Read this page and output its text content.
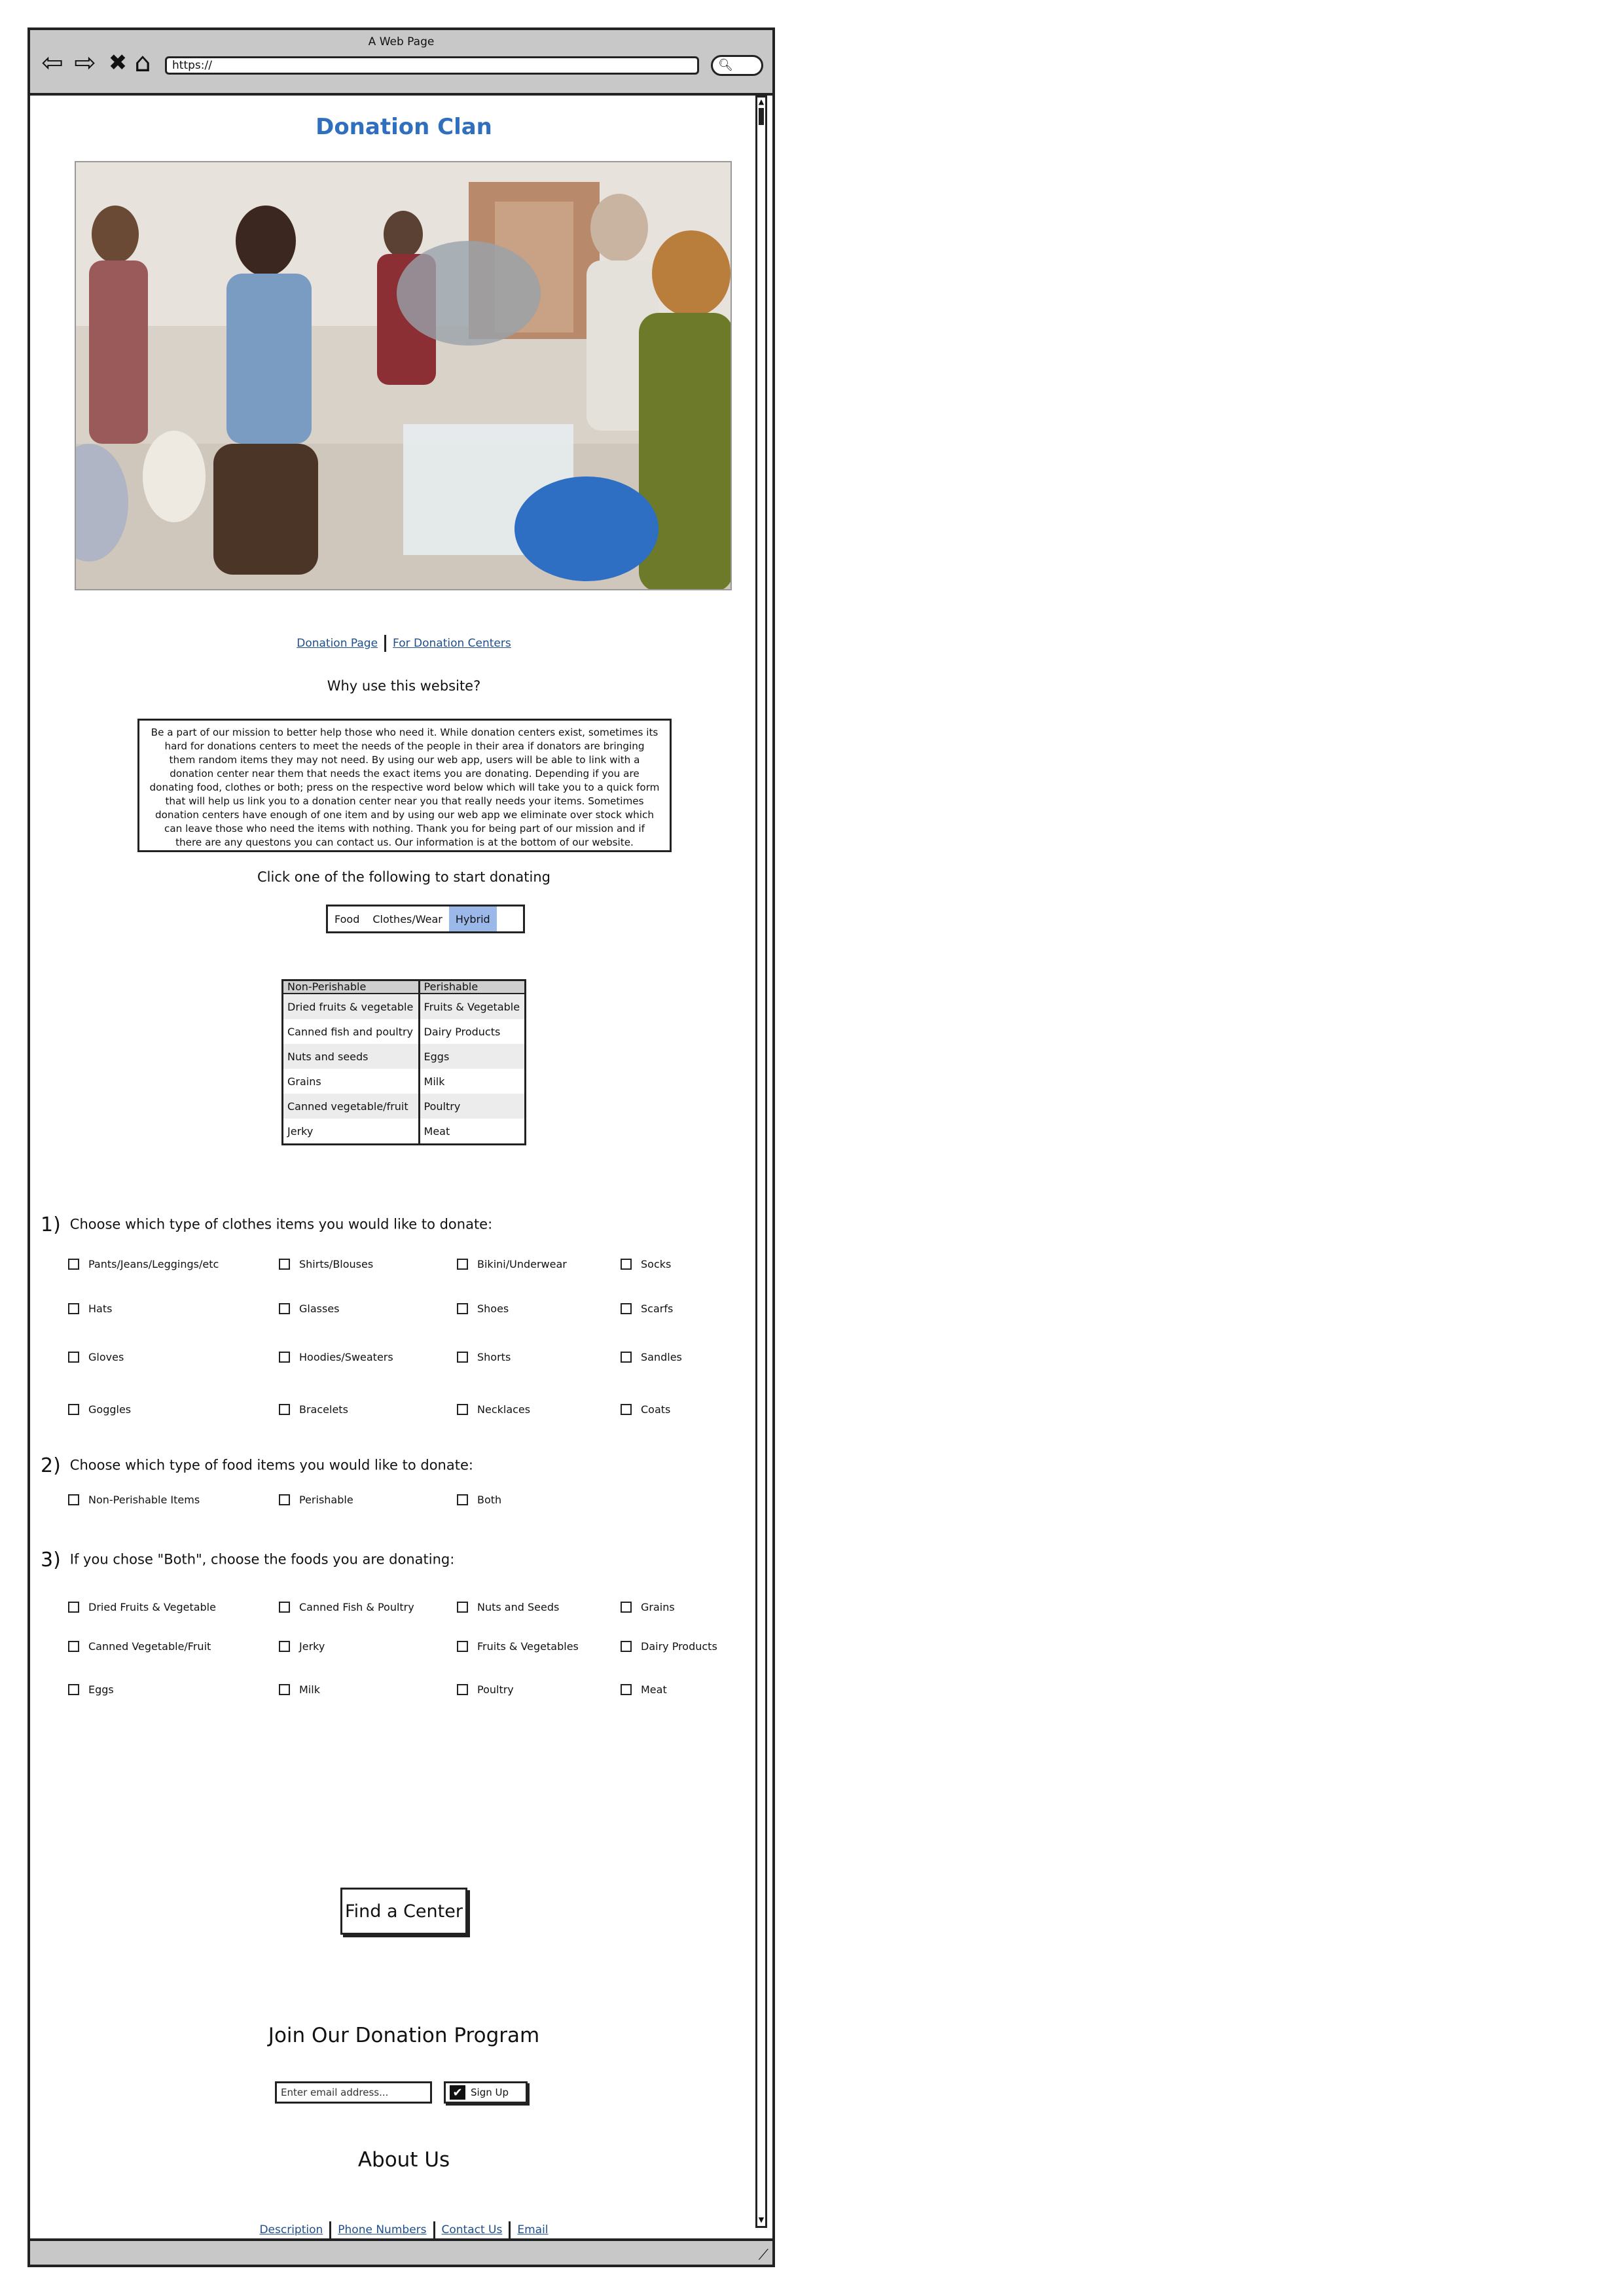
A Web Page
⇦ ⇨ ✖ ⌂	https://	🔍︎
▲
▼
Donation Clan
Donation Page For Donation Centers
Why use this website?
Be a part of our mission to better help those who need it. While donation centers exist, sometimes its
hard for donations centers to meet the needs of the people in their area if donators are bringing
them random items they may not need. By using our web app, users will be able to link with a
donation center near them that needs the exact items you are donating. Depending if you are
donating food, clothes or both; press on the respective word below which will take you to a quick form
that will help us link you to a donation center near you that really needs your items. Sometimes
donation centers have enough of one item and by using our web app we eliminate over stock which
can leave those who need the items with nothing. Thank you for being part of our mission and if
there are any questons you can contact us. Our information is at the bottom of our website.
Click one of the following to start donating
Food	Clothes/Wear	Hybrid
Non-Perishable	Perishable
Dried fruits & vegetable	Fruits & Vegetable
Canned fish and poultry	Dairy Products
Nuts and seeds	Eggs
Grains	Milk
Canned vegetable/fruit	Poultry
Jerky	Meat
1) Choose which type of clothes items you would like to donate:
Pants/Jeans/Leggings/etc	Shirts/Blouses	Bikini/Underwear	Socks
Hats	Glasses	Shoes	Scarfs
Gloves	Hoodies/Sweaters	Shorts	Sandles
Goggles	Bracelets	Necklaces	Coats
2) Choose which type of food items you would like to donate:
Non-Perishable Items	Perishable	Both
3) If you chose "Both", choose the foods you are donating:
Dried Fruits & Vegetable	Canned Fish & Poultry	Nuts and Seeds	Grains
Canned Vegetable/Fruit	Jerky	Fruits & Vegetables	Dairy Products
Eggs	Milk	Poultry	Meat
Find a Center
Join Our Donation Program
Enter email address...	✔ Sign Up
About Us
Description Phone Numbers Contact Us Email
⟋
